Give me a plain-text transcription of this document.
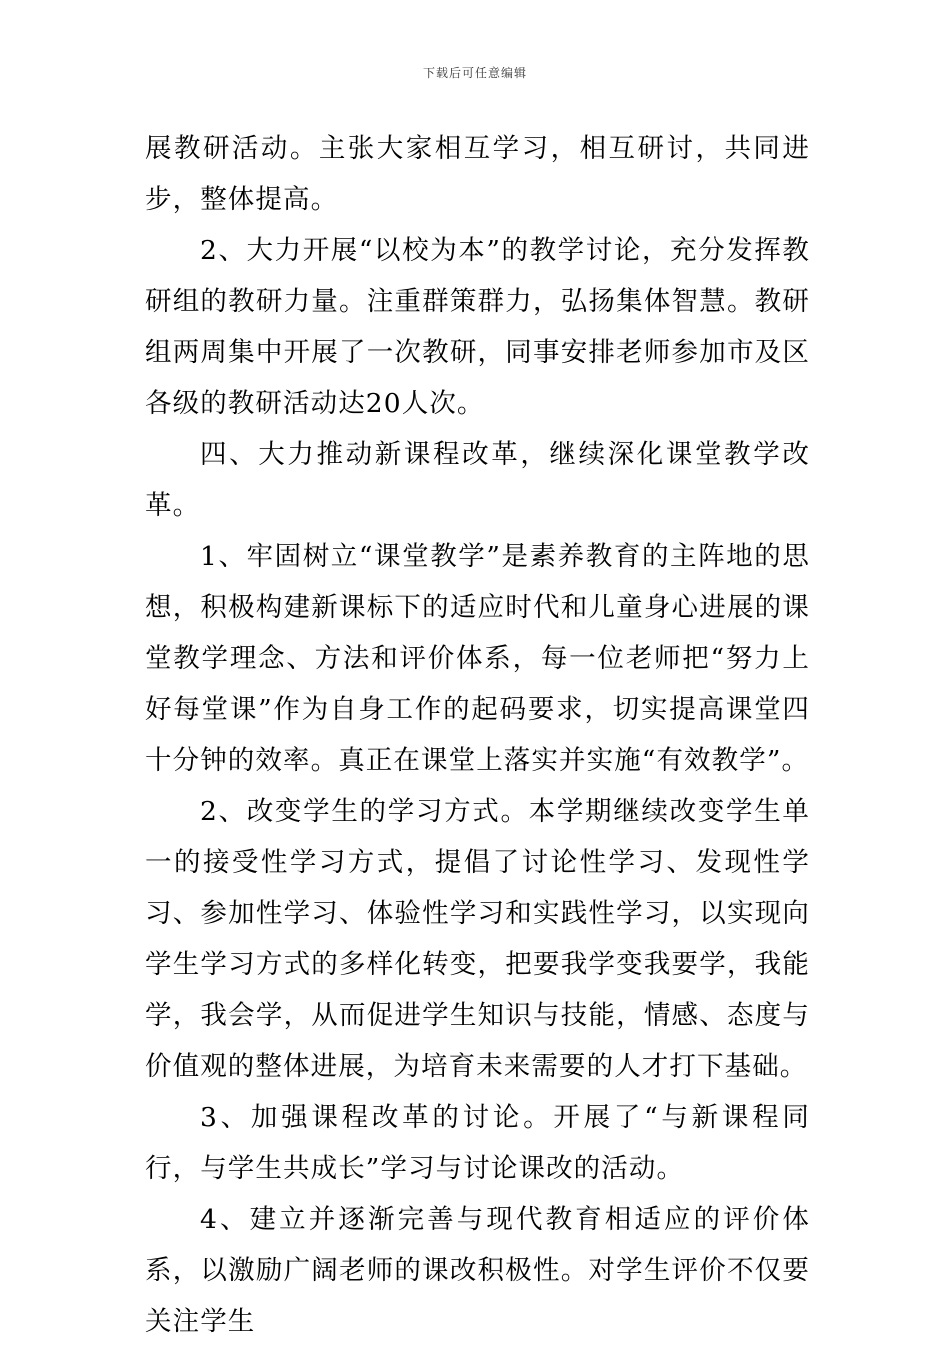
下载后可任意编辑

展教研活动。主张大家相互学习，相互研讨，共同进步，整体提高。

2、大力开展“以校为本”的教学讨论，充分发挥教研组的教研力量。注重群策群力，弘扬集体智慧。教研组两周集中开展了一次教研，同事安排老师参加市及区各级的教研活动达20人次。

四、大力推动新课程改革，继续深化课堂教学改革。

1、牢固树立“课堂教学”是素养教育的主阵地的思想，积极构建新课标下的适应时代和儿童身心进展的课堂教学理念、方法和评价体系，每一位老师把“努力上好每堂课”作为自身工作的起码要求，切实提高课堂四十分钟的效率。真正在课堂上落实并实施“有效教学”。

2、改变学生的学习方式。本学期继续改变学生单一的接受性学习方式，提倡了讨论性学习、发现性学习、参加性学习、体验性学习和实践性学习，以实现向学生学习方式的多样化转变，把要我学变我要学，我能学，我会学，从而促进学生知识与技能，情感、态度与价值观的整体进展，为培育未来需要的人才打下基础。

3、加强课程改革的讨论。开展了“与新课程同行，与学生共成长”学习与讨论课改的活动。

4、建立并逐渐完善与现代教育相适应的评价体系，以激励广阔老师的课改积极性。对学生评价不仅要关注学生
